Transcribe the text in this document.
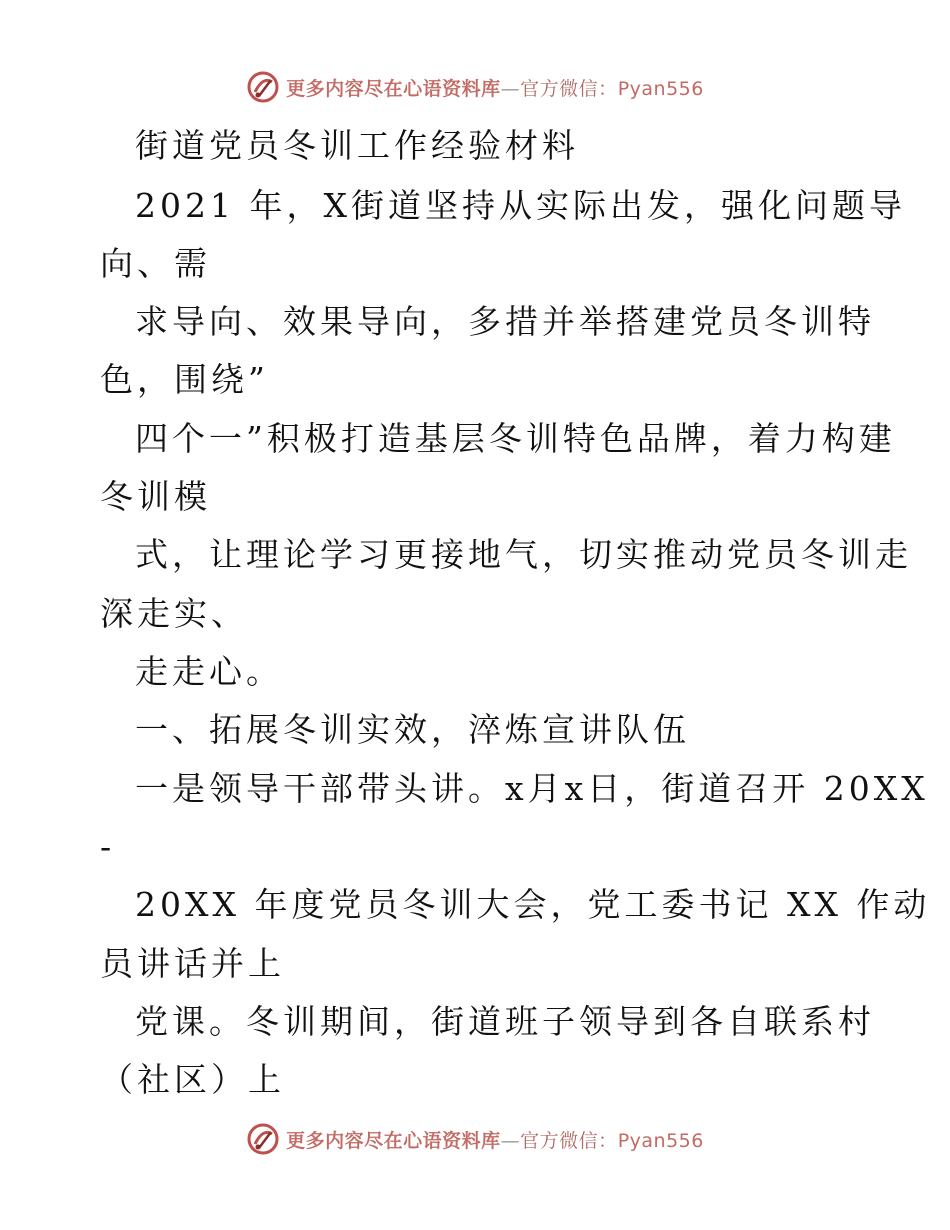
更多内容尽在心语资料库—官方微信：Pyan556
街道党员冬训工作经验材料
2021 年，X街道坚持从实际出发，强化问题导
向、需
求导向、效果导向，多措并举搭建党员冬训特
色，围绕”
四个一”积极打造基层冬训特色品牌，着力构建
冬训模
式，让理论学习更接地气，切实推动党员冬训走
深走实、
走走心。
一、拓展冬训实效，淬炼宣讲队伍
一是领导干部带头讲。x月x日，街道召开 20XX
-
20XX 年度党员冬训大会，党工委书记 XX 作动
员讲话并上
党课。冬训期间，街道班子领导到各自联系村
（社区）上
更多内容尽在心语资料库—官方微信：Pyan556
